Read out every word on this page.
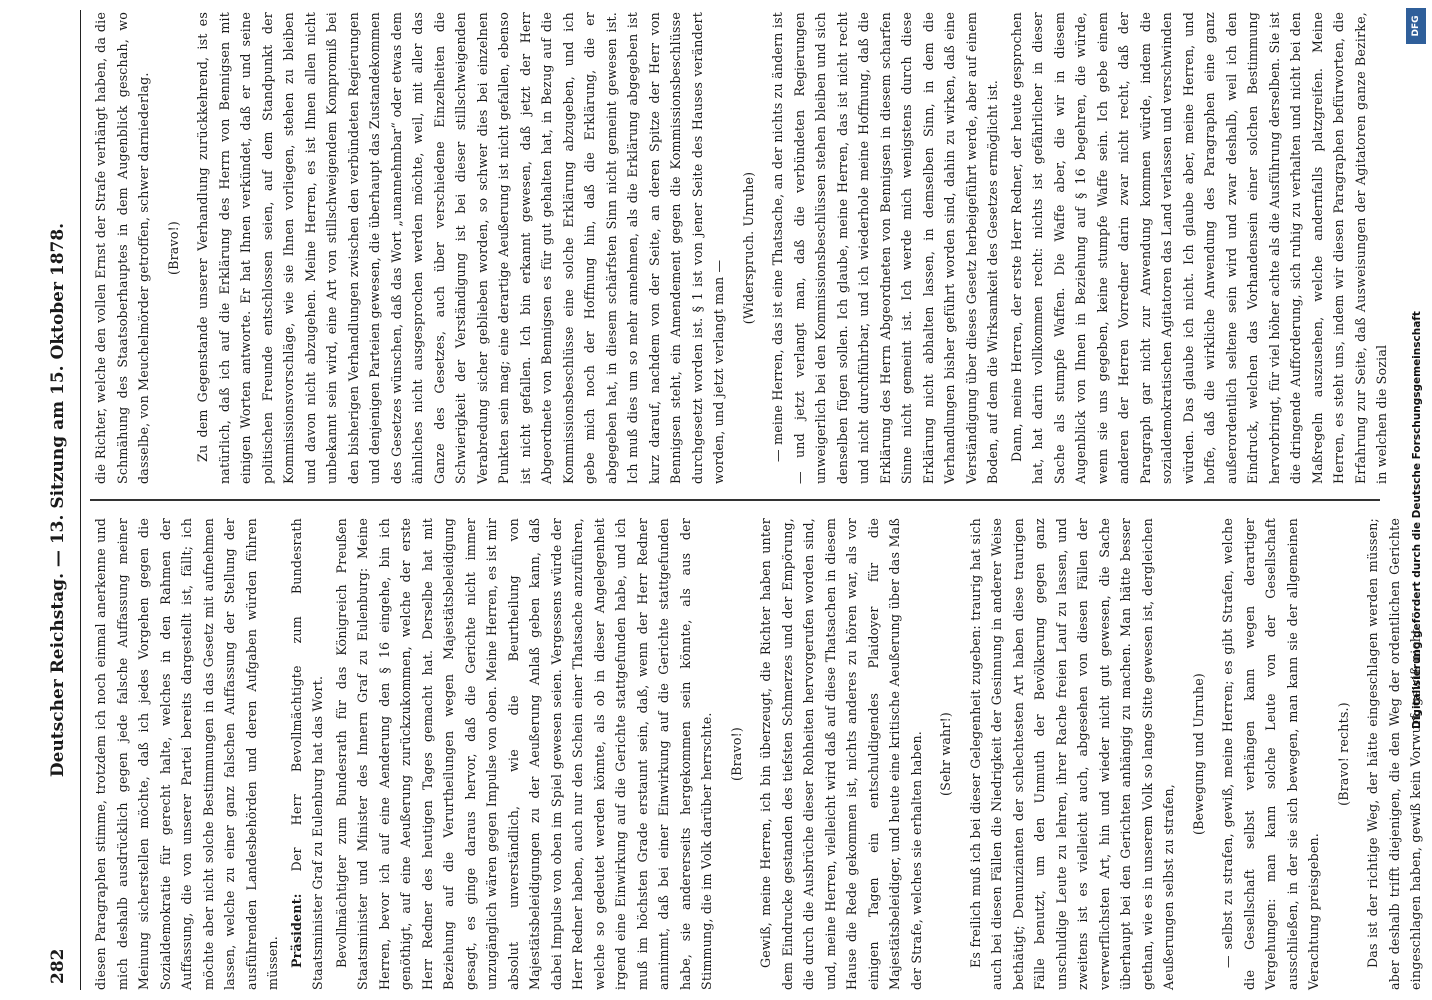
282
Deutscher Reichstag. — 13. Sitzung am 15. Oktober 1878. diesen Paragraphen stimme, trotzdem ich noch einmal anerkenne und mich deshalb ausdrücklich gegen jede falsche Auffassung meiner Meinung sicherstellen möchte, daß ich jedes Vorgehen gegen die Sozialdemokratie für gerecht halte, welches in den Rahmen der Auffassung, die von unserer Partei bereits dargestellt ist, fällt; ich möchte aber nicht solche Bestimmungen in das Gesetz mit aufnehmen lassen, welche zu einer ganz falschen Auffassung der Stellung der ausführenden Landesbehörden und deren Aufgaben würden führen müssen. Präsident: Der Herr Bevollmächtigte zum Bundesrath Staatsminister Graf zu Eulenburg hat das Wort. Bevollmächtigter zum Bundesrath für das Königreich Preußen Staatsminister und Minister des Innern Graf zu Eulenburg: Meine Herren, bevor ich auf eine Aenderung den § 16 eingehe, bin ich genöthigt, auf eine Aeußerung zurückzukommen, welche der erste Herr Redner des heutigen Tages gemacht hat. Derselbe hat mit Beziehung auf die Verurtheilungen wegen Majestätsbeleidigung gesagt, es ginge daraus hervor, daß die Gerichte nicht immer unzugänglich wären gegen Impulse von oben. Meine Herren, es ist mir absolut unverständlich, wie die Beurtheilung von Majestätsbeleidigungen zu der Aeußerung Anlaß geben kann, daß dabei Impulse von oben im Spiel gewesen seien. Vergessens würde der Herr Redner haben, auch nur den Schein einer Thatsache anzuführen, welche so gedeutet werden könnte, als ob in dieser Angelegenheit irgend eine Einwirkung auf die Gerichte stattgefunden habe, und ich muß im höchsten Grade erstaunt sein, daß, wenn der Herr Redner annimmt, daß bei einer Einwirkung auf die Gerichte stattgefunden habe, sie andererseits hergekommen sein könnte, als aus der Stimmung, die im Volk darüber herrschte. (Bravo!) Gewiß, meine Herren, ich bin überzeugt, die Richter haben unter dem Eindrucke gestanden des tiefsten Schmerzes und der Empörung, die durch die Ausbrüche dieser Rohheiten hervorgerufen worden sind, und, meine Herren, vielleicht wird daß auf diese Thatsachen in diesem Hause die Rede gekommen ist, nichts anderes zu hören war, als vor einigen Tagen ein entschuldigendes Plaidoyer für die Majestätsbeleidiger, und heute eine kritische Aeußerung über das Maß der Strafe, welches sie erhalten haben. (Sehr wahr!) Es freilich muß ich bei dieser Gelegenheit zugeben: traurig hat sich auch bei diesen Fällen die Niedrigkeit der Gesinnung in anderer Weise bethätigt; Denunzianten der schlechtesten Art haben diese traurigen Fälle benutzt, um den Unmuth der Bevölkerung gegen ganz unschuldige Leute zu lehren, ihrer Rache freien Lauf zu lassen, und zweitens ist es vielleicht auch, abgesehen von diesen Fällen der verwerflichsten Art, hin und wieder nicht gut gewesen, die Sache überhaupt bei den Gerichten anhängig zu machen. Man hätte besser gethan, wie es in unserem Volk so lange Sitte gewesen ist, dergleichen Aeußerungen selbst zu strafen,

(Bewegung und Unruhe) — selbst zu strafen, gewiß, meine Herren; es gibt Strafen, welche die Gesellschaft selbst verhängen kann wegen derartiger Vergehungen: man kann solche Leute von der Gesellschaft ausschließen, in der sie sich bewegen, man kann sie der allgemeinen Verachtung preisgeben.

(Bravo! rechts.) Das ist der richtige Weg, der hätte eingeschlagen werden müssen; aber deshalb trifft diejenigen, die den Weg der ordentlichen Gerichte eingeschlagen haben, gewiß kein Vorwurf, gewiß nicht

die Richter, welche den vollen Ernst der Strafe verhängt haben, da die Schmähung des Staatsoberhauptes in dem Augenblick geschah, wo dasselbe, von Meuchelmörder getroffen, schwer darniederlag. (Bravo!) Zu dem Gegenstande unserer Verhandlung zurückkehrend, ist es natürlich, daß ich auf die Erklärung des Herrn von Bennigsen mit einigen Worten antworte. Er hat Ihnen verkündet, daß er und seine politischen Freunde entschlossen seien, auf dem Standpunkt der Kommissionsvorschläge, wie sie Ihnen vorliegen, stehen zu bleiben und davon nicht abzugehen. Meine Herren, es ist Ihnen allen nicht unbekannt sein wird, eine Art von stillschweigendem Kompromiß bei den bisherigen Verhandlungen zwischen den verbündeten Regierungen und denjenigen Parteien gewesen, die überhaupt das Zustandekommen des Gesetzes wünschen, daß das Wort „unannehmbar“ oder etwas dem ähnliches nicht ausgesprochen werden möchte, weil, mit aller das Ganze des Gesetzes, auch über verschiedene Einzelheiten die Schwierigkeit der Verständigung ist bei dieser stillschweigenden Verabredung sicher geblieben worden, so schwer dies bei einzelnen Punkten sein mag; eine derartige Aeußerung ist nicht gefallen, ebenso ist nicht gefallen. Ich bin erkannt gewesen, daß jetzt der Herr Abgeordnete von Bennigsen es für gut gehalten hat, in Bezug auf die Kommissionsbeschlüsse eine solche Erklärung abzugeben, und ich gebe mich noch der Hoffnung hin, daß die Erklärung, die er abgegeben hat, in diesem schärfsten Sinn nicht gemeint gewesen ist. Ich muß dies um so mehr annehmen, als die Erklärung abgegeben ist kurz darauf, nachdem von der Seite, an deren Spitze der Herr von Bennigsen steht, ein Amendement gegen die Kommissionsbeschlüsse durchgesetzt worden ist. § 1 ist von jener Seite des Hauses verändert worden, und jetzt verlangt man —

(Widerspruch. Unruhe) — meine Herren, das ist eine Thatsache, an der nichts zu ändern ist — und jetzt verlangt man, daß die verbündeten Regierungen unweigerlich bei den Kommissionsbeschlüssen stehen bleiben und sich denselben fügen sollen. Ich glaube, meine Herren, das ist nicht recht und nicht durchführbar, und ich wiederhole meine Hoffnung, daß die Erklärung des Herrn Abgeordneten von Bennigsen in diesem scharfen Sinne nicht gemeint ist. Ich werde mich wenigstens durch diese Erklärung nicht abhalten lassen, in demselben Sinn, in dem die Verhandlungen bisher geführt worden sind, dahin zu wirken, daß eine Verständigung über dieses Gesetz herbeigeführt werde, aber auf einem Boden, auf dem die Wirksamkeit des Gesetzes ermöglicht ist. Dann, meine Herren, der erste Herr Redner, der heute gesprochen hat, hat darin vollkommen recht: nichts ist gefährlicher in dieser Sache als stumpfe Waffen. Die Waffe aber, die wir in diesem Augenblick von Ihnen in Beziehung auf § 16 begehren, die würde, wenn sie uns gegeben, keine stumpfe Waffe sein. Ich gebe einem anderen der Herren Vorredner darin zwar nicht recht, daß der Paragraph gar nicht zur Anwendung kommen würde, indem die sozialdemokratischen Agitatoren das Land verlassen und verschwinden würden. Das glaube ich nicht. Ich glaube aber, meine Herren, und hoffe, daß die wirkliche Anwendung des Paragraphen eine ganz außerordentlich seltene sein wird und zwar deshalb, weil ich den Eindruck, welchen das Vorhandensein einer solchen Bestimmung hervorbringt, für viel höher achte als die Ausführung derselben. Sie ist die dringende Aufforderung, sich ruhig zu verhalten und nicht bei den Maßregeln auszusehen, welche andernfalls platzgreifen. Meine Herren, es steht uns, indem wir diesen Paragraphen befürworten, die Erfahrung zur Seite, daß Ausweisungen der Agitatoren ganze Bezirke, in welchen die Sozial

DFG
Digitalisierung gefördert durch die Deutsche Forschungsgemeinschaft
